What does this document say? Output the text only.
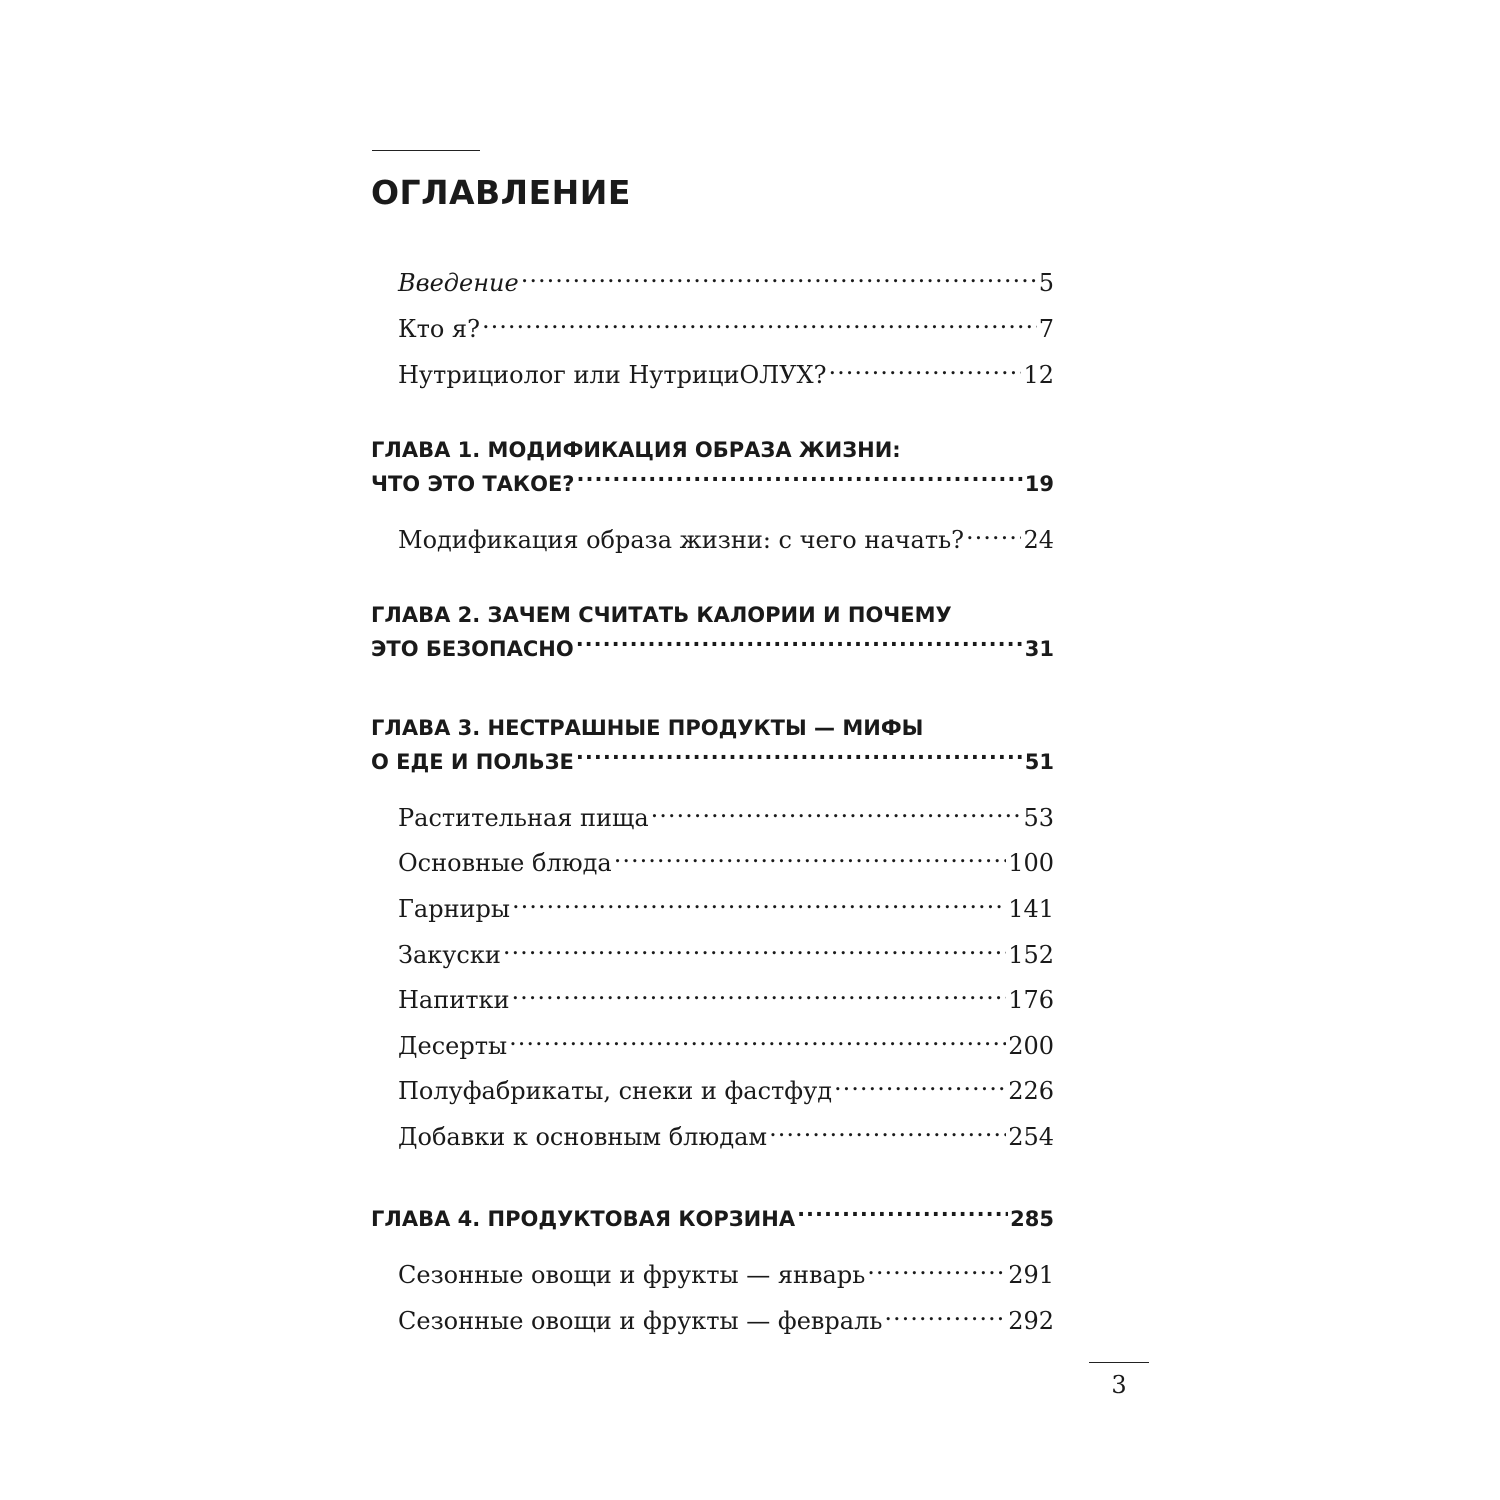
ОГЛАВЛЕНИЕ
Введение .....	5
Кто я? .....	7
Нутрициолог или НутрициОЛУХ? .....	12
ГЛАВА 1. МОДИФИКАЦИЯ ОБРАЗА ЖИЗНИ:
ЧТО ЭТО ТАКОЕ? .....	19
Модификация образа жизни: с чего начать? ..... 24
ГЛАВА 2. ЗАЧЕМ СЧИТАТЬ КАЛОРИИ И ПОЧЕМУ
ЭТО БЕЗОПАСНО .....	31
ГЛАВА 3. НЕСТРАШНЫЕ ПРОДУКТЫ — МИФЫ
О ЕДЕ И ПОЛЬЗЕ .....	51
Растительная пища .....	53
Основные блюда .....	100
Гарниры .....	141
Закуски .....	152
Напитки .....	176
Десерты .....	200
Полуфабрикаты, снеки и фастфуд .....	226
Добавки к основным блюдам .....	254
ГЛАВА 4. ПРОДУКТОВАЯ КОРЗИНА .....	285
Сезонные овощи и фрукты — январь .....	291
Сезонные овощи и фрукты — февраль .....	292
3
